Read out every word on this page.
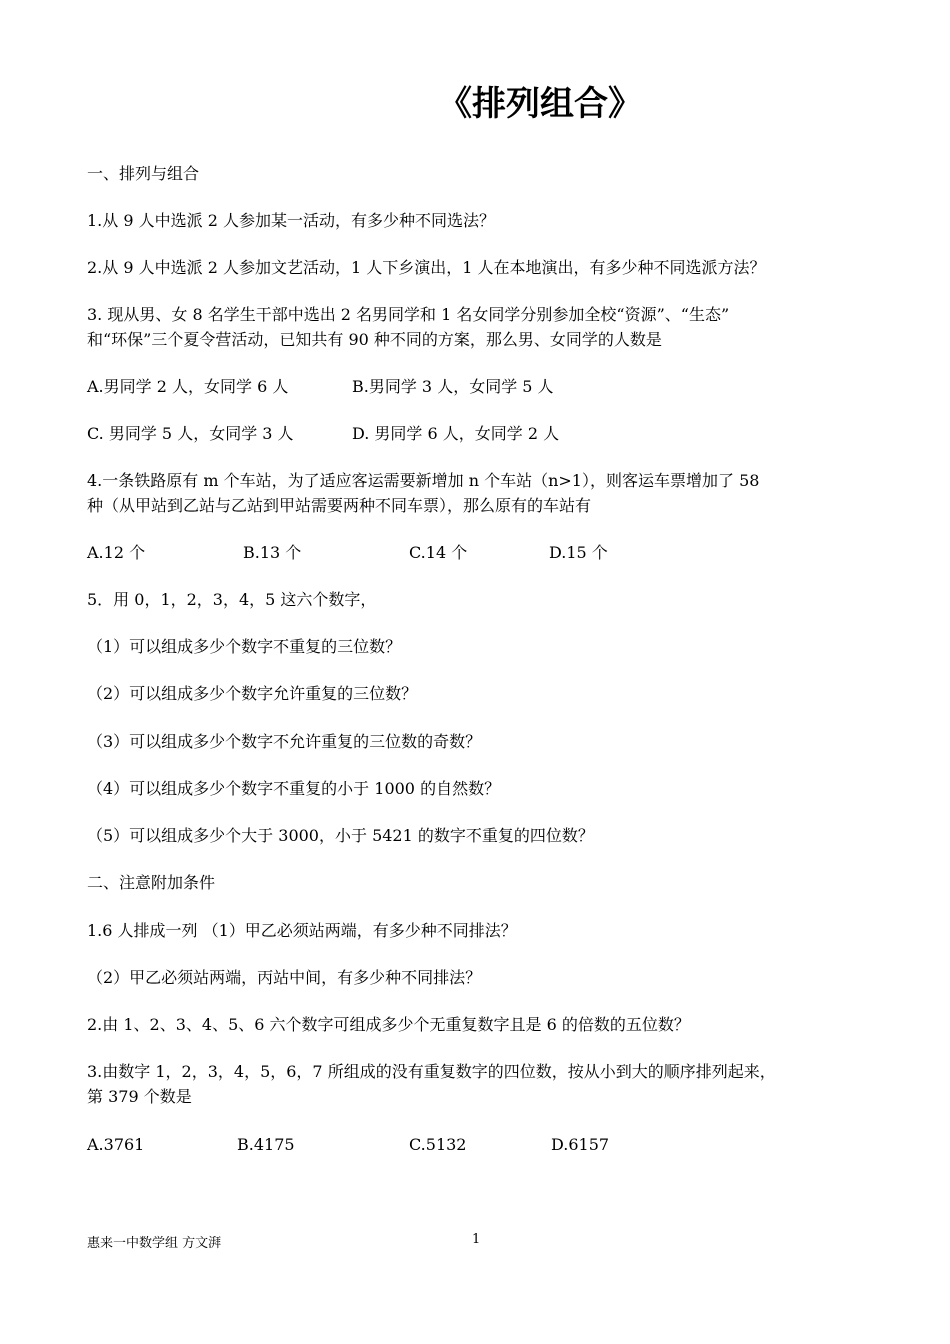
《排列组合》
一、排列与组合
1.从 9 人中选派 2 人参加某一活动，有多少种不同选法？
2.从 9 人中选派 2 人参加文艺活动，1 人下乡演出，1 人在本地演出，有多少种不同选派方法？
3. 现从男、女 8 名学生干部中选出 2 名男同学和 1 名女同学分别参加全校“资源”、“生态”
和“环保”三个夏令营活动，已知共有 90 种不同的方案，那么男、女同学的人数是
A.男同学 2 人，女同学 6 人	B.男同学 3 人，女同学 5 人
C. 男同学 5 人，女同学 3 人	D. 男同学 6 人，女同学 2 人
4.一条铁路原有 m 个车站，为了适应客运需要新增加 n 个车站（n>1），则客运车票增加了 58
种（从甲站到乙站与乙站到甲站需要两种不同车票），那么原有的车站有
A.12 个	B.13 个	C.14 个	D.15 个
5．用 0，1，2，3，4，5 这六个数字，
（1）可以组成多少个数字不重复的三位数？
（2）可以组成多少个数字允许重复的三位数？
（3）可以组成多少个数字不允许重复的三位数的奇数？
（4）可以组成多少个数字不重复的小于 1000 的自然数？
（5）可以组成多少个大于 3000，小于 5421 的数字不重复的四位数？
二、注意附加条件
1.6 人排成一列 （1）甲乙必须站两端，有多少种不同排法？
（2）甲乙必须站两端，丙站中间，有多少种不同排法？
2.由 1、2、3、4、5、6 六个数字可组成多少个无重复数字且是 6 的倍数的五位数？
3.由数字 1，2，3，4，5，6，7 所组成的没有重复数字的四位数，按从小到大的顺序排列起来，
第 379 个数是
A.3761	B.4175	C.5132	D.6157
惠来一中数学组 方文湃	1
